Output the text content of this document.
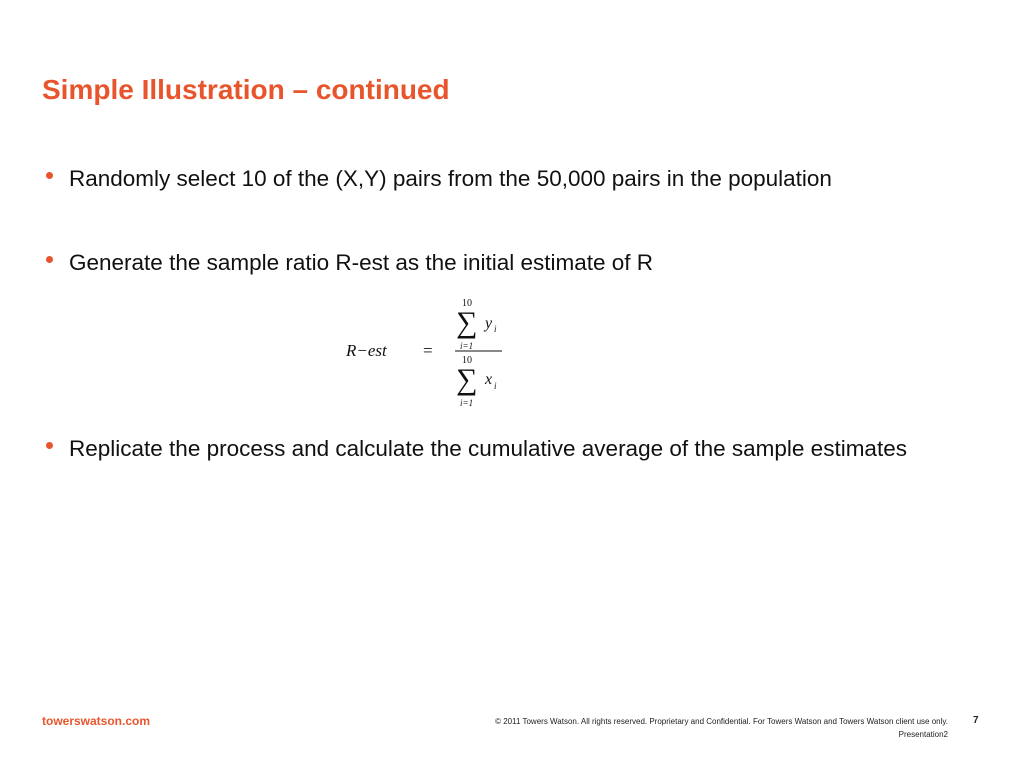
Simple Illustration – continued
Randomly select 10 of the (X,Y) pairs from the 50,000 pairs in the population
Generate the sample ratio R-est as the initial estimate of R
Replicate the process and calculate the cumulative average of the sample estimates
R−est =
10
∑ y i
i=1
10
∑ x i
i=1
towerswatson.com	© 2011 Towers Watson. All rights reserved. Proprietary and Confidential. For Towers Watson and Towers Watson client use only.
Presentation2
7
